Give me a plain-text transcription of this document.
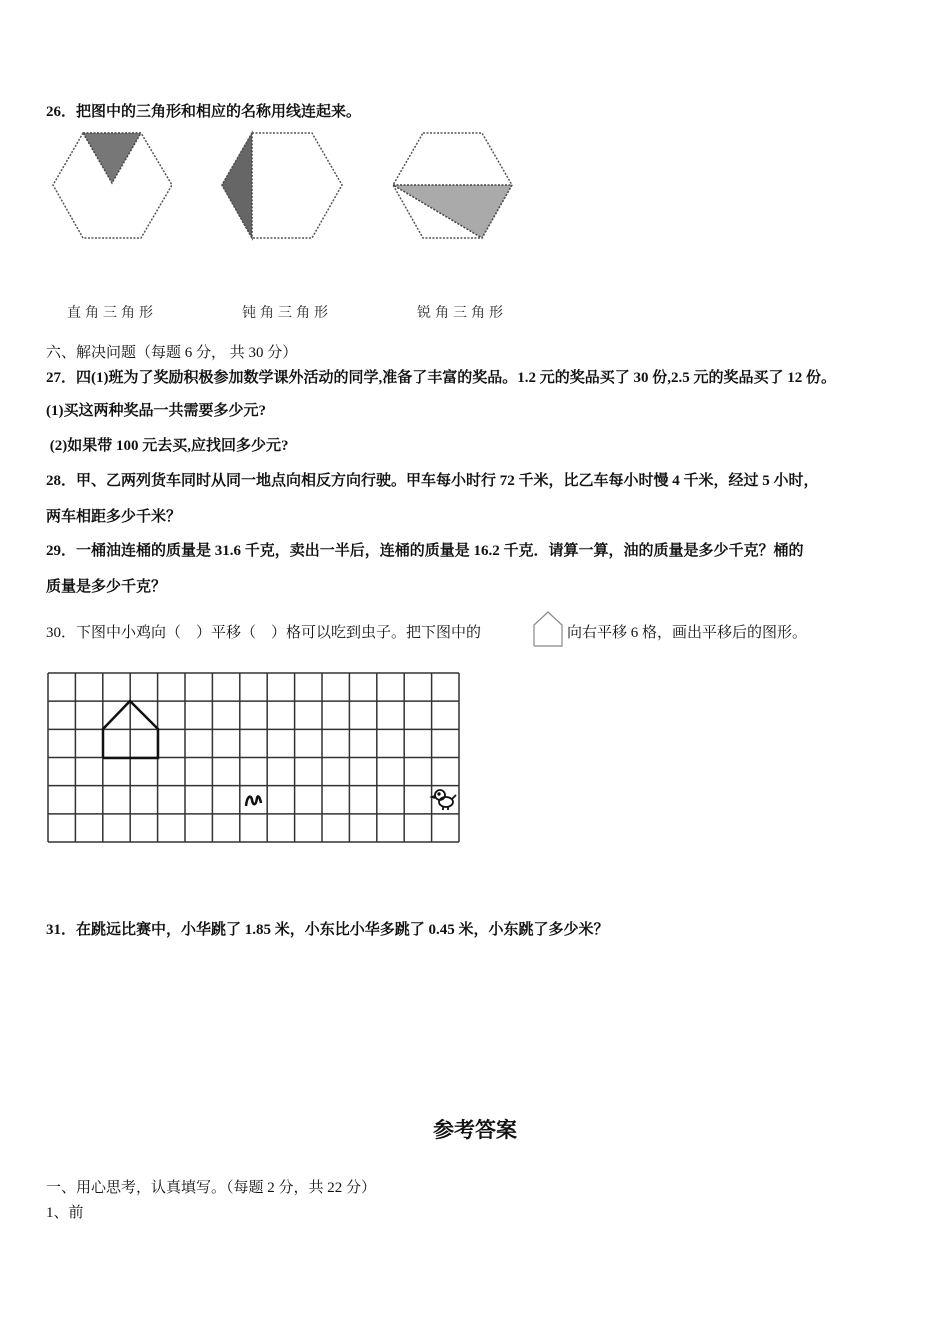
26．把图中的三角形和相应的名称用线连起来。
直角三角形	钝角三角形	锐角三角形
六、解决问题（每题 6 分， 共 30 分）
27．四(1)班为了奖励积极参加数学课外活动的同学,准备了丰富的奖品。1.2 元的奖品买了 30 份,2.5 元的奖品买了 12 份。
(1)买这两种奖品一共需要多少元?
(2)如果带 100 元去买,应找回多少元?
28．甲、乙两列货车同时从同一地点向相反方向行驶。甲车每小时行 72 千米，比乙车每小时慢 4 千米，经过 5 小时，
两车相距多少千米？
29．一桶油连桶的质量是 31.6 千克，卖出一半后，连桶的质量是 16.2 千克．请算一算，油的质量是多少千克？桶的
质量是多少千克？
30．下图中小鸡向（　）平移（　）格可以吃到虫子。把下图中的	向右平移 6 格，画出平移后的图形。
31．在跳远比赛中，小华跳了 1.85 米，小东比小华多跳了 0.45 米，小东跳了多少米？
参考答案
一、用心思考，认真填写。（每题 2 分，共 22 分）
1、前
